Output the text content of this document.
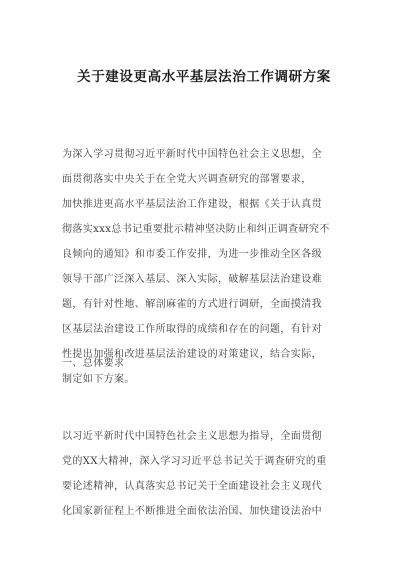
关于建设更高水平基层法治工作调研方案
为深入学习贯彻习近平新时代中国特色社会主义思想，全
面贯彻落实中央关于在全党大兴调查研究的部署要求，
加快推进更高水平基层法治工作建设，根据《关于认真贯
彻落实xxx总书记重要批示精神坚决防止和纠正调查研究不
良倾向的通知》和市委工作安排，为进一步推动全区各级
领导干部广泛深入基层、深入实际，破解基层法治建设难
题，有针对性地、解剖麻雀的方式进行调研，全面摸清我
区基层法治建设工作所取得的成绩和存在的问题，有针对
性提出加强和改进基层法治建设的对策建议，结合实际，
制定如下方案。
一、总体要求
以习近平新时代中国特色社会主义思想为指导，全面贯彻
党的XX大精神，深入学习习近平总书记关于调查研究的重
要论述精神，认真落实总书记关于全面建设社会主义现代
化国家新征程上不断推进全面依法治国、加快建设法治中
